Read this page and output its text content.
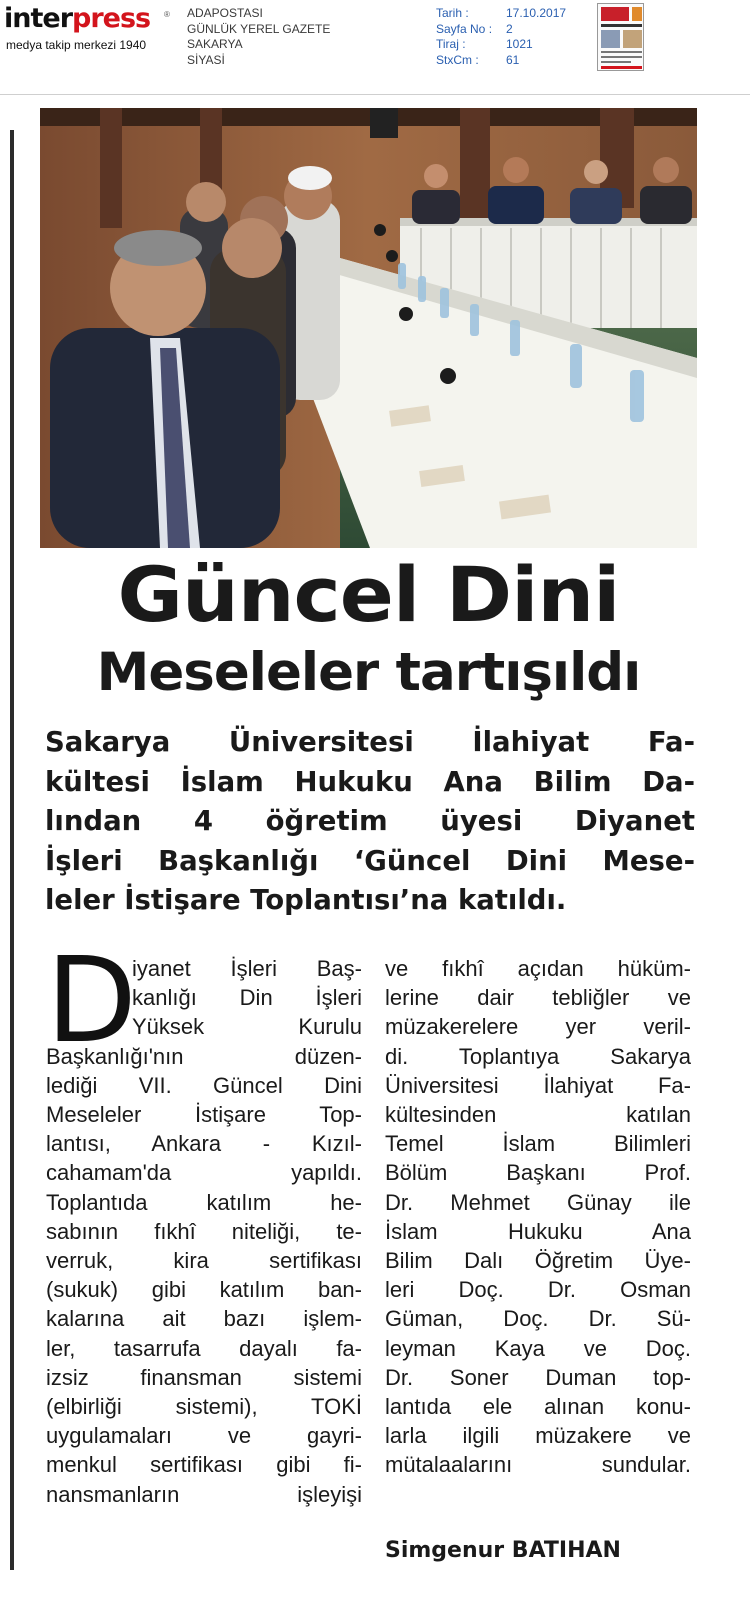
interpress ®
medya takip merkezi 1940
ADAPOSTASI
GÜNLÜK YEREL GAZETE
SAKARYA
SİYASİ
Tarih :	17.10.2017
Sayfa No :	2
Tiraj :	1021
StxCm :	61
Güncel Dini
Meseleler tartışıldı
Sakarya Üniversitesi İlahiyat Fa-
kültesi İslam Hukuku Ana Bilim Da-
lından 4 öğretim üyesi Diyanet
İşleri Başkanlığı ‘Güncel Dini Mese-
leler İstişare Toplantısı’na katıldı.
D
iyanet İşleri Baş-
kanlığı Din İşleri
Yüksek Kurulu
Başkanlığı'nın düzen-
lediği VII. Güncel Dini
Meseleler İstişare Top-
lantısı, Ankara - Kızıl-
cahamam'da yapıldı.
Toplantıda katılım he-
sabının fıkhî niteliği, te-
verruk, kira sertifikası
(sukuk) gibi katılım ban-
kalarına ait bazı işlem-
ler, tasarrufa dayalı fa-
izsiz finansman sistemi
(elbirliği sistemi), TOKİ
uygulamaları ve gayri-
menkul sertifikası gibi fi-
nansmanların işleyişi
ve fıkhî açıdan hüküm-
lerine dair tebliğler ve
müzakerelere yer veril-
di. Toplantıya Sakarya
Üniversitesi İlahiyat Fa-
kültesinden katılan
Temel İslam Bilimleri
Bölüm Başkanı Prof.
Dr. Mehmet Günay ile
İslam Hukuku Ana
Bilim Dalı Öğretim Üye-
leri Doç. Dr. Osman
Güman, Doç. Dr. Sü-
leyman Kaya ve Doç.
Dr. Soner Duman top-
lantıda ele alınan konu-
larla ilgili müzakere ve
mütalaalarını sundular.
Simgenur BATIHAN
